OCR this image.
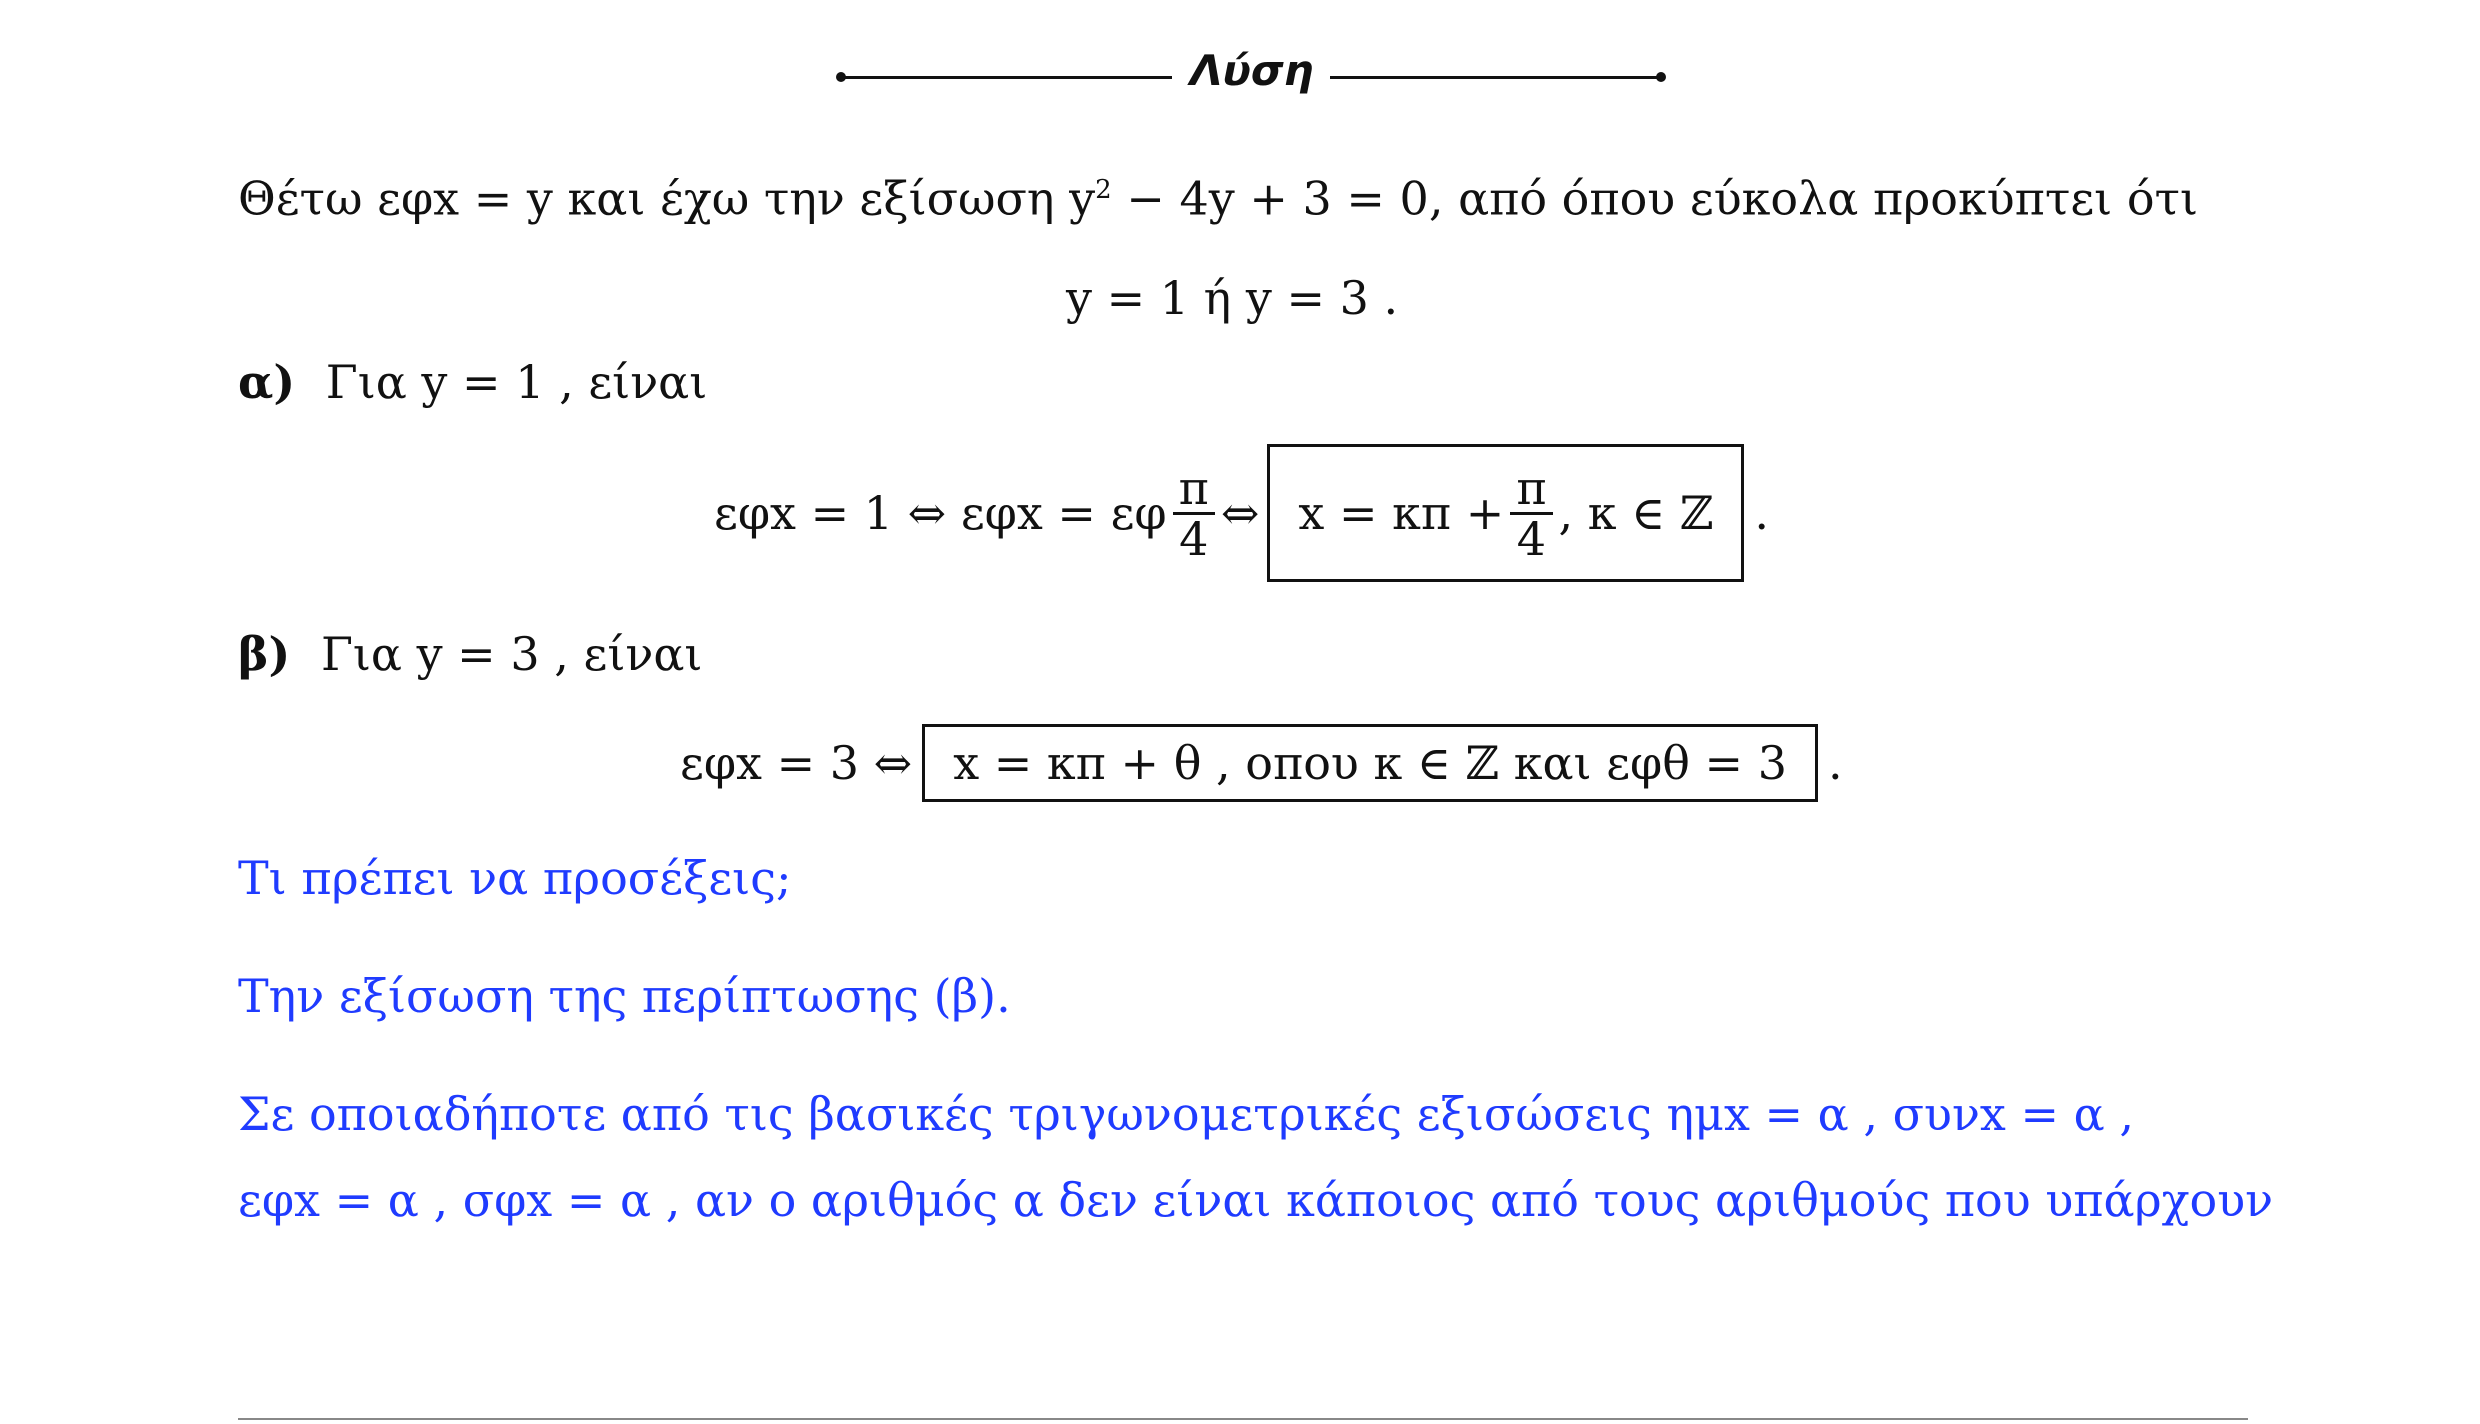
Λύση
Θέτω εφx = y και έχω την εξίσωση $y^2 - 4y + 3 = 0$, από όπου εύκολα προκύπτει ότι
y = 1 ή y = 3 .
α) Για y = 1 , είναι
εφx = 1 ⇔ εφx = εφ $\frac{\pi}{4}$ ⇔ $x = \kappa\pi + \frac{\pi}{4}$ , κ ∈ ℤ .
β) Για y = 3 , είναι
εφx = 3 ⇔ x = κπ + θ , οπου κ ∈ ℤ και εφθ = 3 .
Τι πρέπει να προσέξεις;
Την εξίσωση της περίπτωσης (β).
Σε οποιαδήποτε από τις βασικές τριγωνομετρικές εξισώσεις ημx = α , συνx = α ,
εφx = α , σφx = α , αν ο αριθμός α δεν είναι κάποιος από τους αριθμούς που υπάρχουν
